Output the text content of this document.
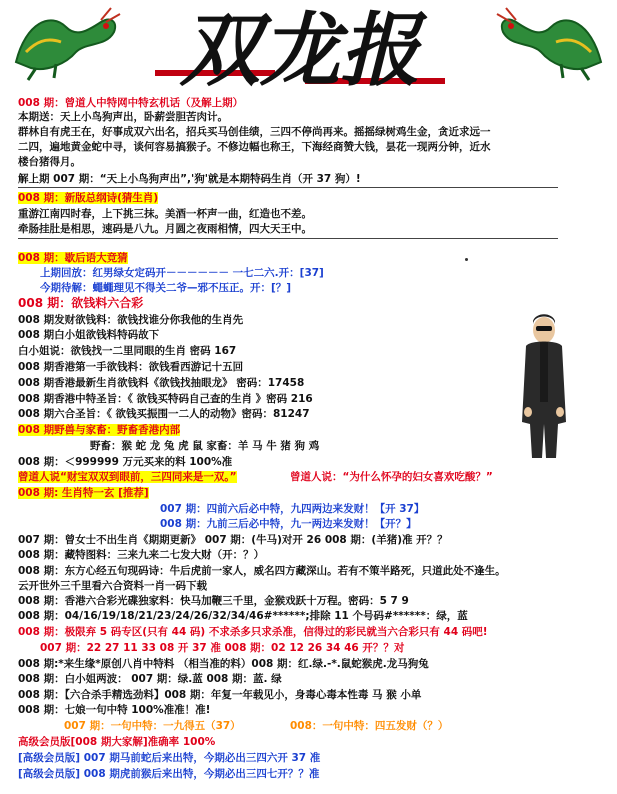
双龙报
008 期：曾道人中特网中特玄机话（及解上期）
本期送：天上小鸟狗声出，卧薪尝胆苦肉计。
群林自有虎王在，好事成双六出名，招兵买马创佳绩，三四不停尚再来。摇摇绿树鸡生金，贪近求远一
二四，遍地黄金蛇中寻，谈何容易搞猴子。不修边幅也称王，下海经商赞大钱，昙花一现两分钟，近水
楼台猪得月。
解上期 007 期：“天上小鸟狗声出”,'狗'就是本期特码生肖（开 37 狗）!
008 期：新版总纲诗(猜生肖)
重游江南四时春，上下挑三抹。美酒一杯声一曲，红造也不差。
牵肠挂肚是相思，速码是八九。月圆之夜雨相情，四大天王中。
008 期：歇后语大竞猜
上期回放：红男绿女定码开－－－－－－ 一七二六.开：[37]
今期待解：蠅蠅理见不得关二爷—邪不压正。开：[？]
008 期：欲钱料六合彩
008 期发财欲钱料：欲钱找谁分你我他的生肖先
008 期白小姐欲钱料特码故下
白小姐说：欲钱找一二里同眼的生肖 密码 167
008 期香港第一手欲钱料：欲钱看西游记十五回
008 期香港最新生肖欲钱料《欲钱找抽眼龙》 密码：17458
008 期香港中特圣旨：《 欲钱买特码自己查的生肖 》密码 216
008 期六合圣旨：《 欲钱买振围一二人的动物》密码：81247
008 期野兽与家畜：野畜香港内部
野畜：猴 蛇 龙 兔 虎 鼠 家畜：羊 马 牛 猪 狗 鸡
008 期：＜999999 万元买来的料 100%准
曾道人说“财宝双双到眼前，三四同来是一双。”	曾道人说：“为什么怀孕的妇女喜欢吃酸？”
008 期: 生肖特一玄 [推荐]
007 期：四前六后必中特，九四两边来发财！【开 37】
008 期：九前三后必中特，九一两边来发财！【开？】
007 期：曾女士不出生肖《期期更新》 007 期：(牛马)对开 26 008 期：(羊猪)准 开？？
008 期：藏特图料：三来九来二七发大财（开：？）
008 期：东方心经五句现码诗：牛后虎前一家人，威名四方藏深山。若有不策半路死，只道此处不逢生。
云开世外三千里看六合资料一肖一码下载
008 期：香港六合彩光碟独家料：快马加鞭三千里，金猴戏跃十万程。密码：5 7 9
008 期：04/16/19/18/21/23/24/26/32/34/46#******;排除 11 个号码#******：绿，蓝
008 期：极限弃 5 码专区(只有 44 码) 不求杀多只求杀准，信得过的彩民就当六合彩只有 44 码吧!
007 期：22 27 11 33 08 开 37 准 008 期：02 12 26 34 46 开？？对
008 期:*来生缘*原创八肖中特料 （相当准的料）008 期：红.绿.-*.鼠蛇猴虎.龙马狗兔
008 期：白小姐两波： 007 期：绿.蓝 008 期：蓝. 绿
008 期：【六合杀手精选劲料】008 期：年复一年载见小，身毒心毒本性毒 马 猴 小单
008 期：七娘一句中特 100%准准！准!
007 期：一句中特：一九得五（37）	008：一句中特：四五发财（？）
高级会员版[008 期大家解]准确率 100%
[高级会员版] 007 期马前蛇后来出特，今期必出三四六开 37 准
[高级会员版] 008 期虎前猴后来出特，今期必出三四七开？？准
